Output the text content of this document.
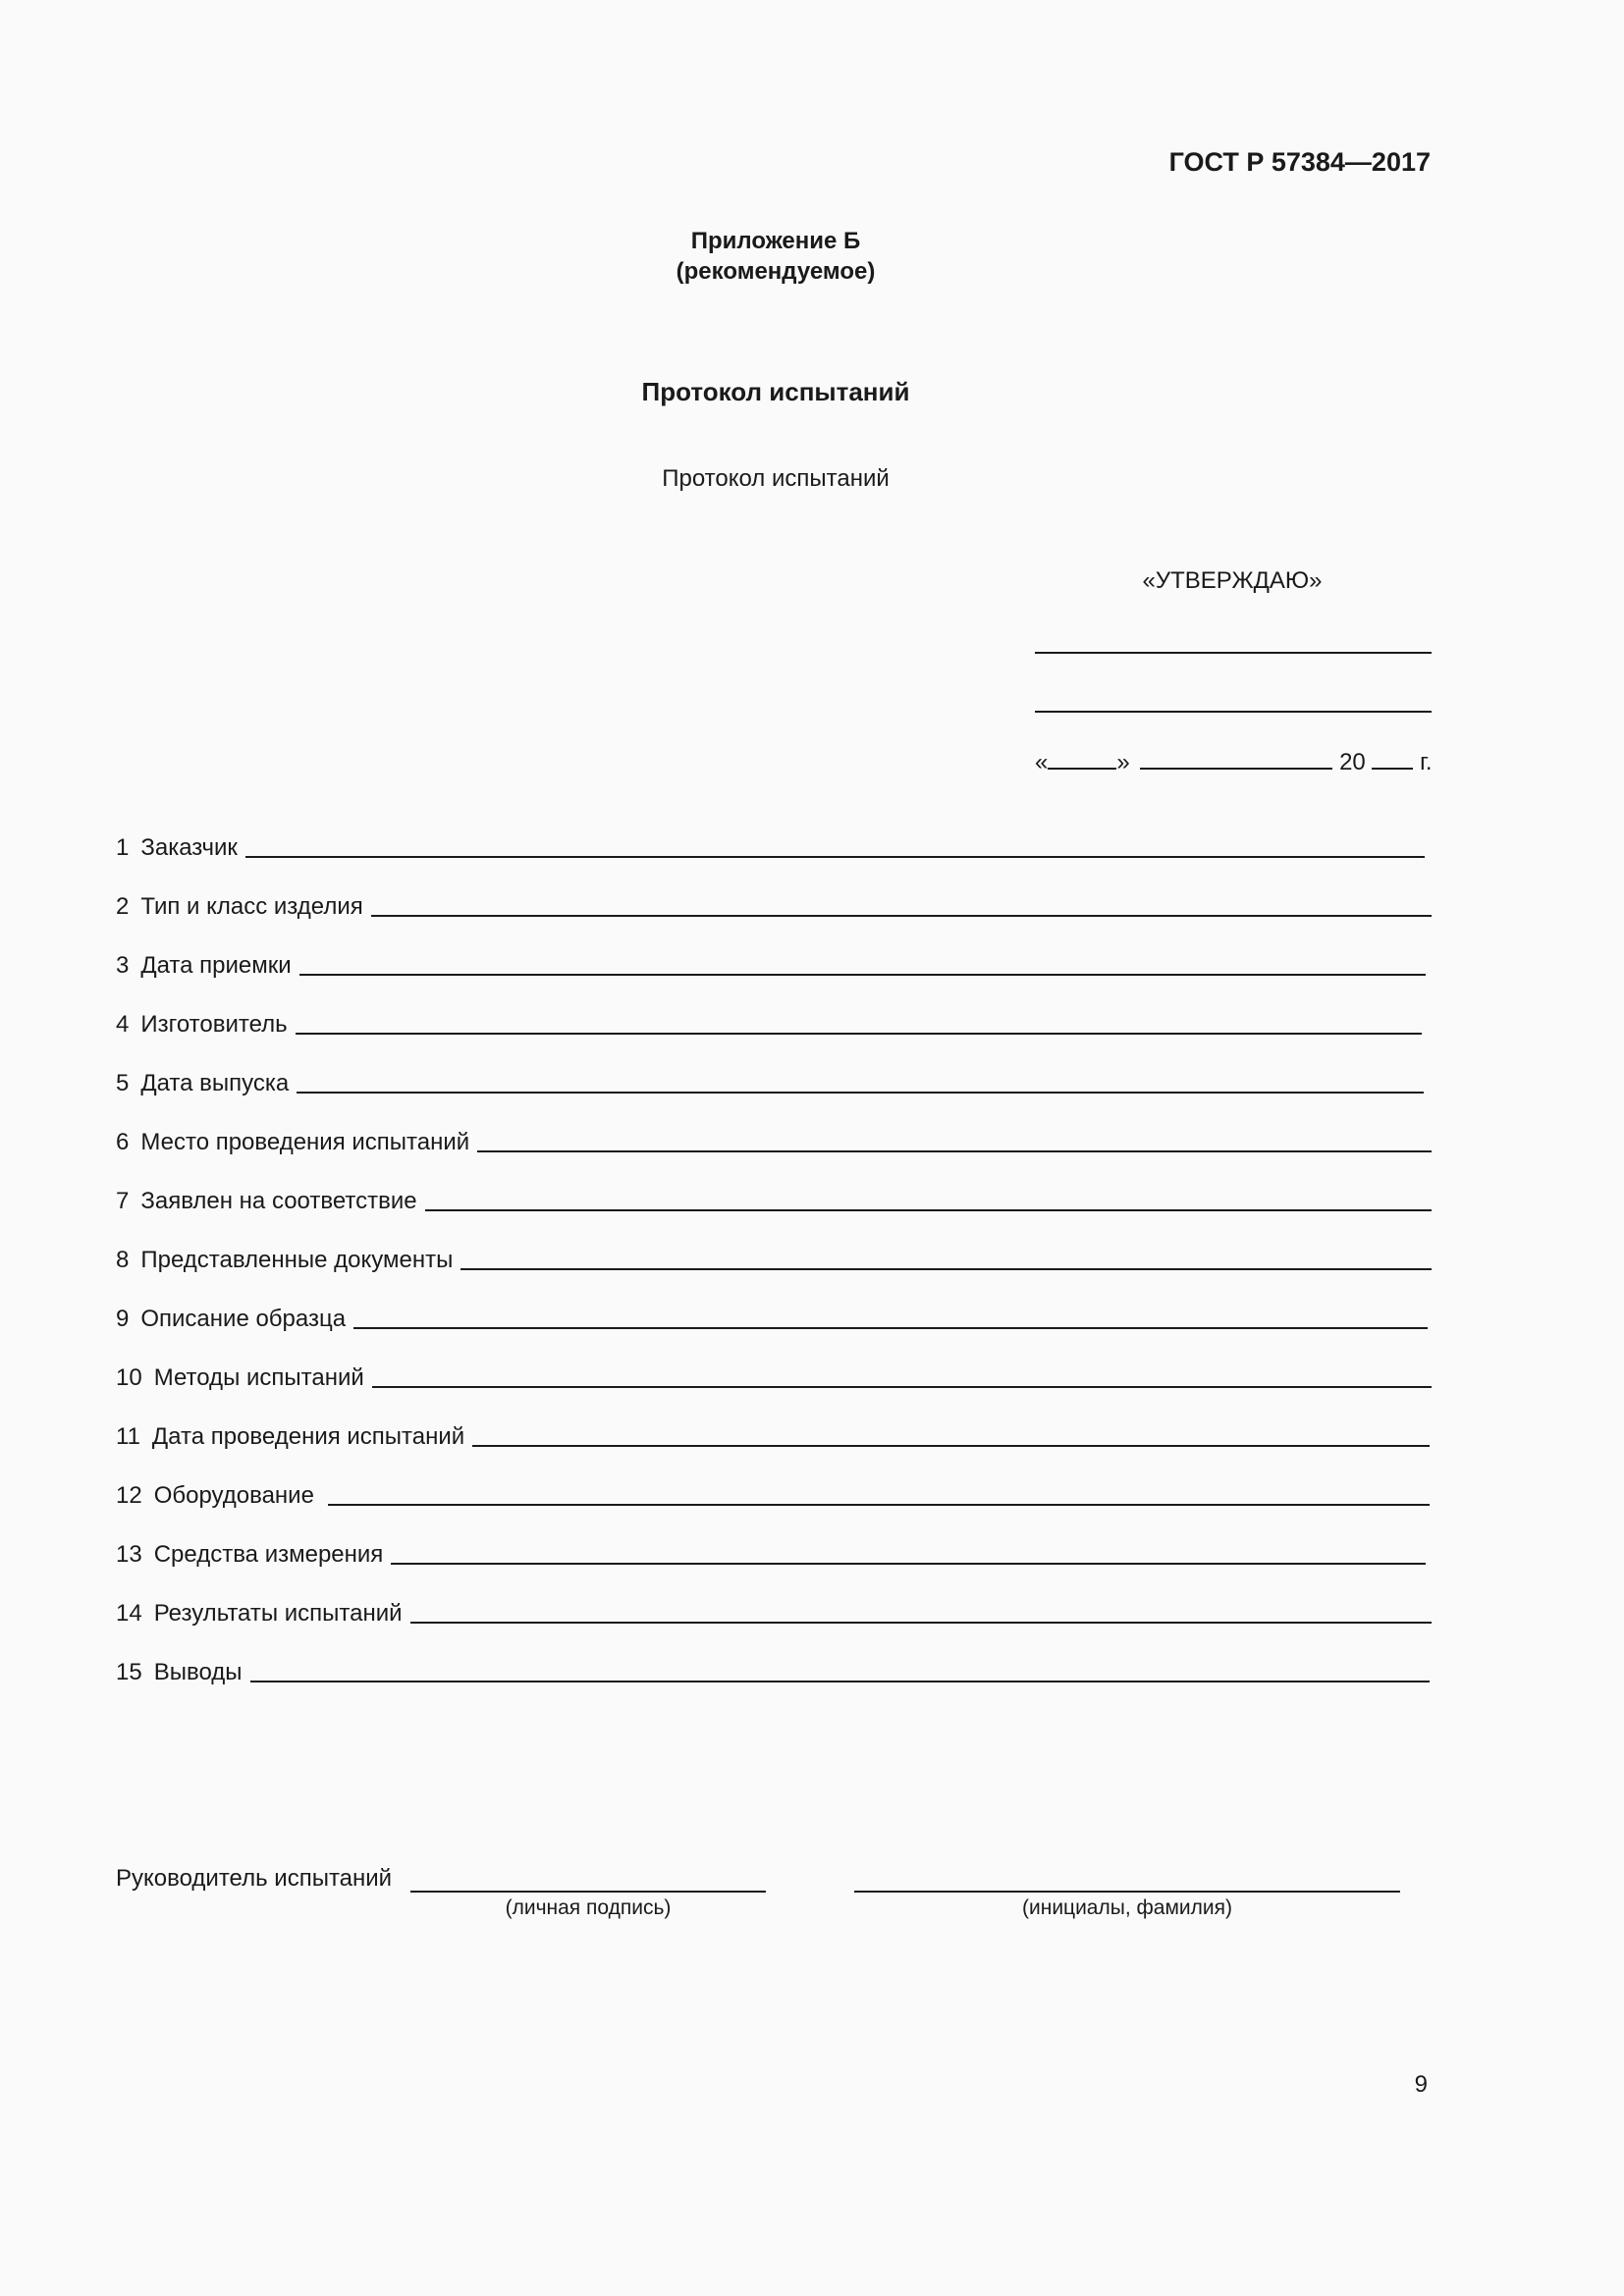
ГОСТ Р 57384—2017
Приложение Б
(рекомендуемое)
Протокол испытаний
Протокол испытаний
«УТВЕРЖДАЮ»
«	»	20 г.
1 Заказчик
2 Тип и класс изделия
3 Дата приемки
4 Изготовитель
5 Дата выпуска
6 Место проведения испытаний
7 Заявлен на соответствие
8 Представленные документы
9 Описание образца
10 Методы испытаний
11 Дата проведения испытаний
12 Оборудование
13 Средства измерения
14 Результаты испытаний
15 Выводы
Руководитель испытаний
(личная подпись)	(инициалы, фамилия)
9
